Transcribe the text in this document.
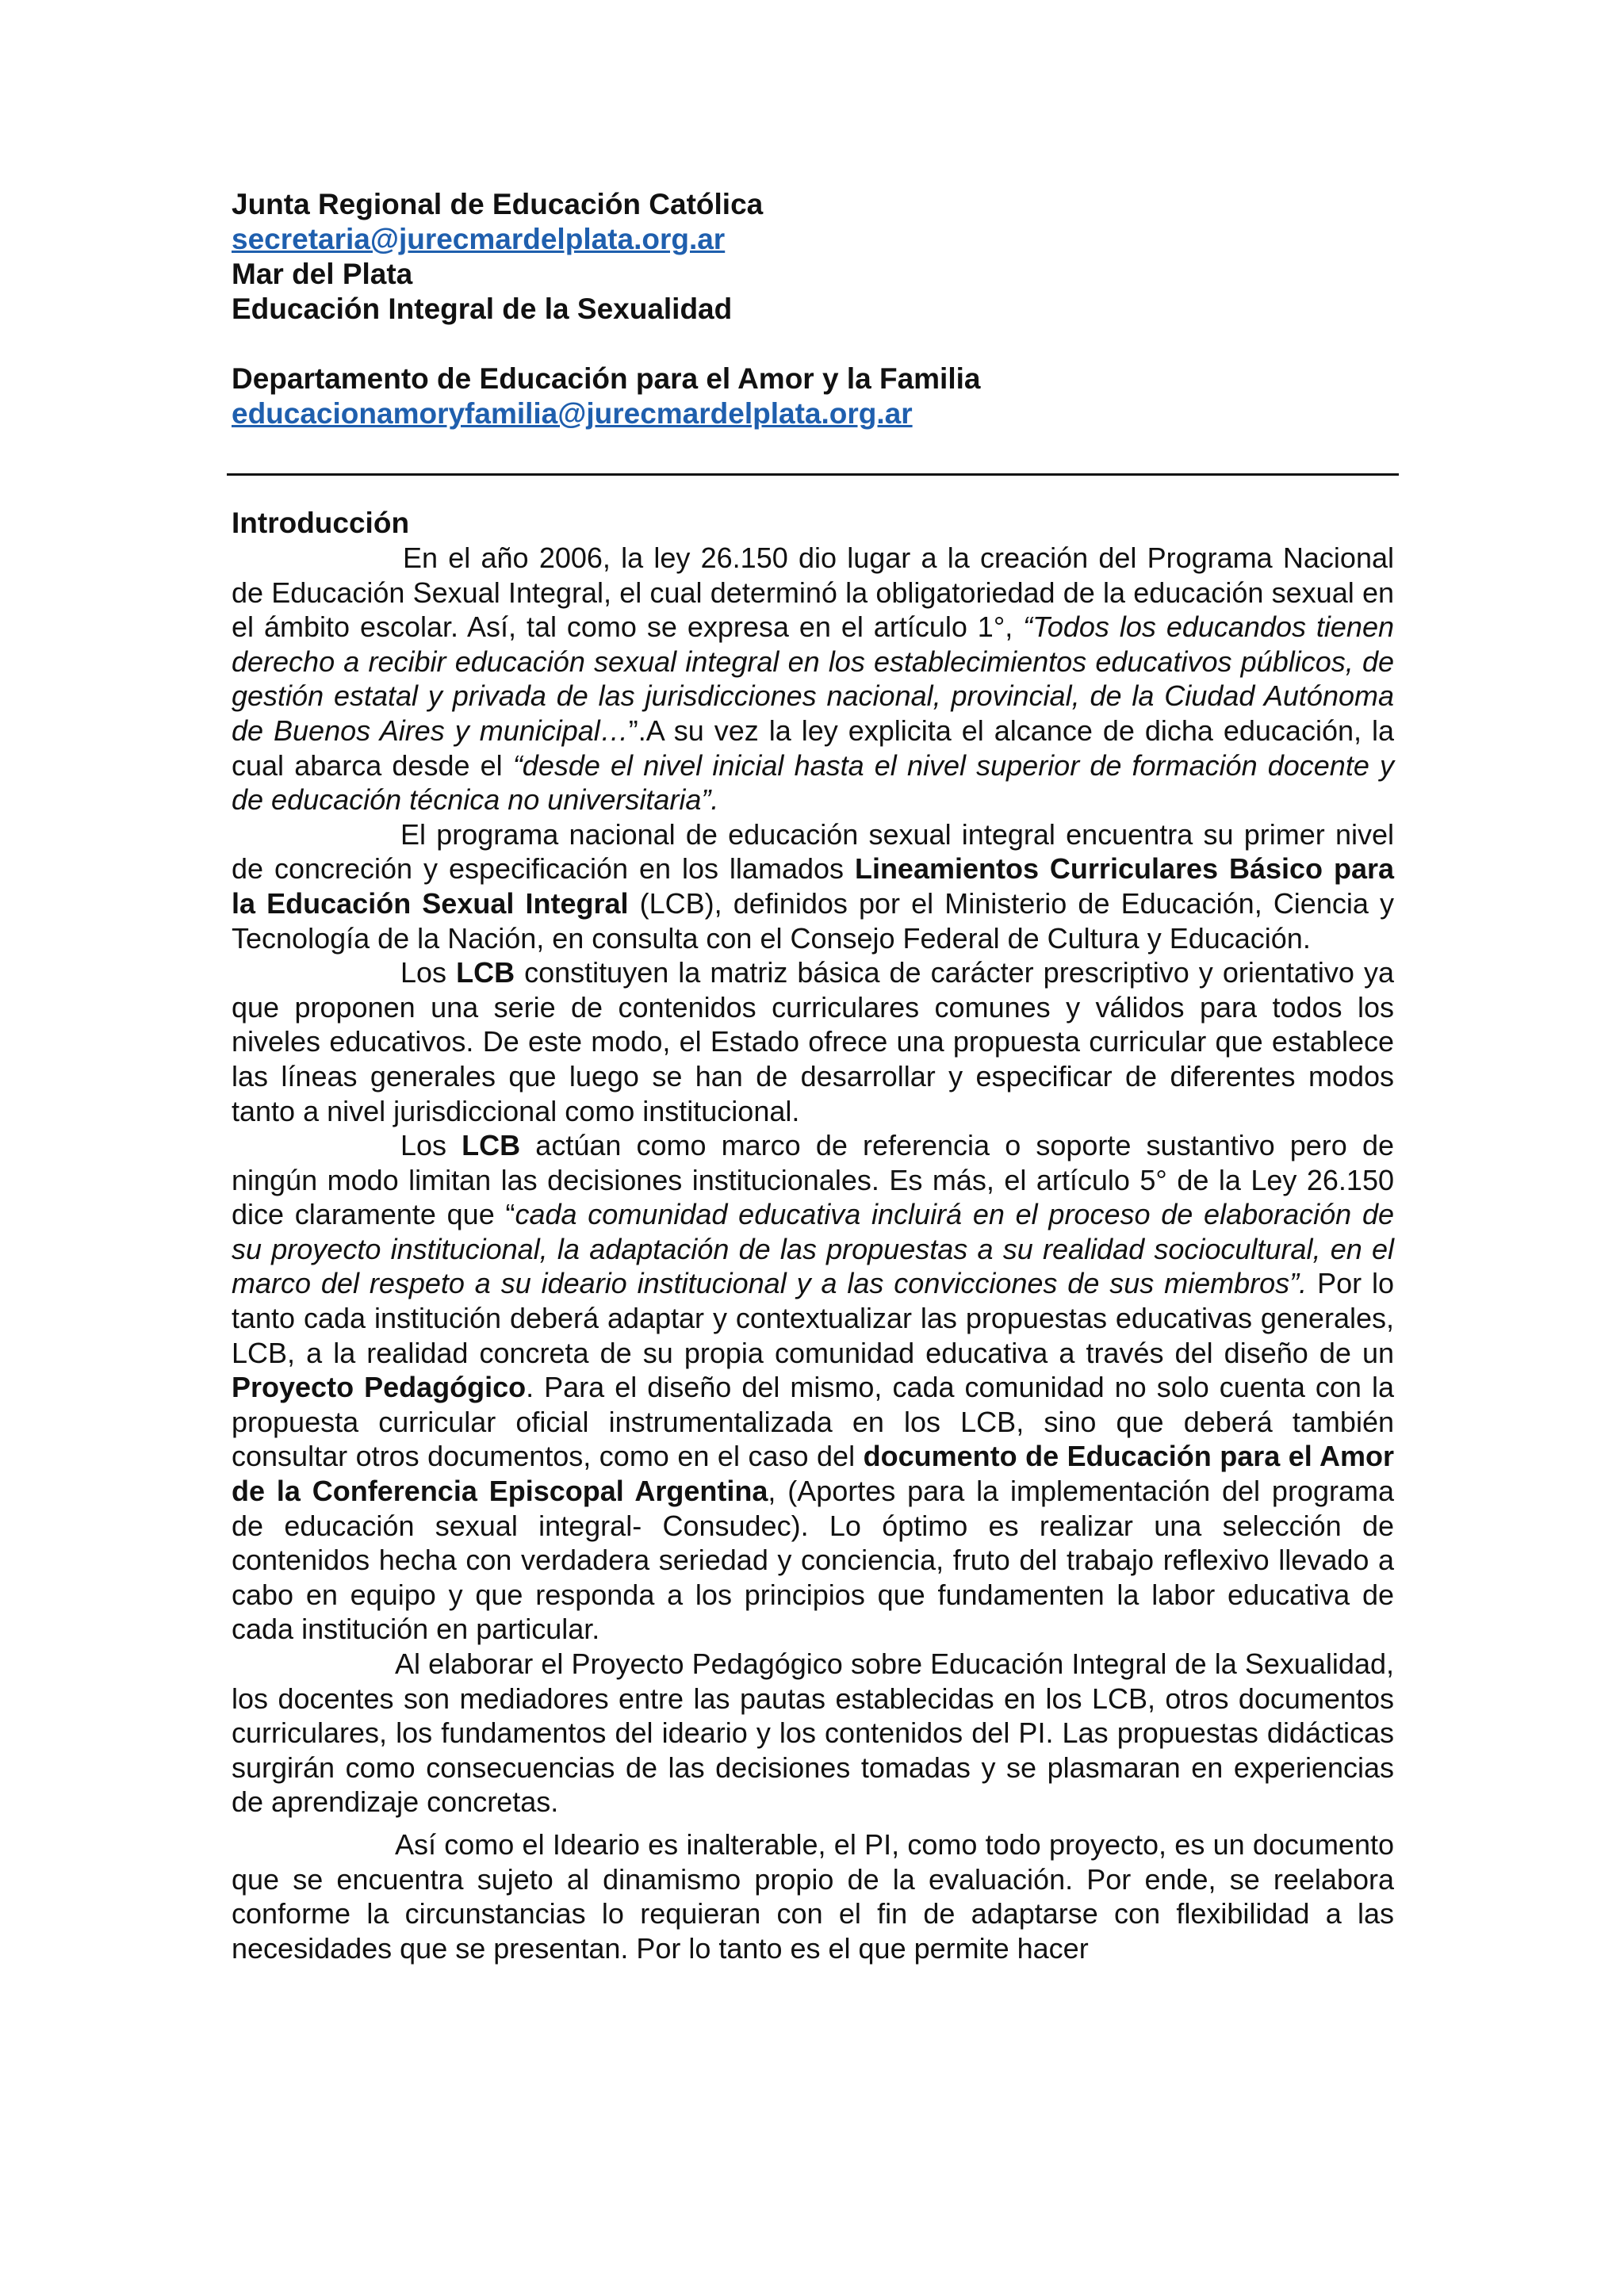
Junta Regional de Educación Católica
secretaria@jurecmardelplata.org.ar
Mar del Plata
Educación Integral de la Sexualidad
Departamento de Educación para el Amor y la Familia
educacionamoryfamilia@jurecmardelplata.org.ar
Introducción

En el año 2006, la ley 26.150 dio lugar a la creación del Programa Nacional de Educación Sexual Integral, el cual determinó la obligatoriedad de la educación sexual en el ámbito escolar. Así, tal como se expresa en el artículo 1°, “Todos los educandos tienen derecho a recibir educación sexual integral en los establecimientos educativos públicos, de gestión estatal y privada de las jurisdicciones nacional, provincial, de la Ciudad Autónoma de Buenos Aires y municipal…”.A su vez la ley explicita el alcance de dicha educación, la cual abarca desde el “desde el nivel inicial hasta el nivel superior de formación docente y de educación técnica no universitaria”.

El programa nacional de educación sexual integral encuentra su primer nivel de concreción y especificación en los llamados Lineamientos Curriculares Básico para la Educación Sexual Integral (LCB), definidos por el Ministerio de Educación, Ciencia y Tecnología de la Nación, en consulta con el Consejo Federal de Cultura y Educación.

Los LCB constituyen la matriz básica de carácter prescriptivo y orientativo ya que proponen una serie de contenidos curriculares comunes y válidos para todos los niveles educativos. De este modo, el Estado ofrece una propuesta curricular que establece las líneas generales que luego se han de desarrollar y especificar de diferentes modos tanto a nivel jurisdiccional como institucional.

Los LCB actúan como marco de referencia o soporte sustantivo pero de ningún modo limitan las decisiones institucionales. Es más, el artículo 5° de la Ley 26.150 dice claramente que “cada comunidad educativa incluirá en el proceso de elaboración de su proyecto institucional, la adaptación de las propuestas a su realidad sociocultural, en el marco del respeto a su ideario institucional y a las convicciones de sus miembros”. Por lo tanto cada institución deberá adaptar y contextualizar las propuestas educativas generales, LCB, a la realidad concreta de su propia comunidad educativa a través del diseño de un Proyecto Pedagógico. Para el diseño del mismo, cada comunidad no solo cuenta con la propuesta curricular oficial instrumentalizada en los LCB, sino que deberá también consultar otros documentos, como en el caso del documento de Educación para el Amor de la Conferencia Episcopal Argentina, (Aportes para la implementación del programa de educación sexual integral- Consudec). Lo óptimo es realizar una selección de contenidos hecha con verdadera seriedad y conciencia, fruto del trabajo reflexivo llevado a cabo en equipo y que responda a los principios que fundamenten la labor educativa de cada institución en particular.

Al elaborar el Proyecto Pedagógico sobre Educación Integral de la Sexualidad, los docentes son mediadores entre las pautas establecidas en los LCB, otros documentos curriculares, los fundamentos del ideario y los contenidos del PI. Las propuestas didácticas surgirán como consecuencias de las decisiones tomadas y se plasmaran en experiencias de aprendizaje concretas.

Así como el Ideario es inalterable, el PI, como todo proyecto, es un documento que se encuentra sujeto al dinamismo propio de la evaluación. Por ende, se reelabora conforme la circunstancias lo requieran con el fin de adaptarse con flexibilidad a las necesidades que se presentan. Por lo tanto es el que permite hacer
